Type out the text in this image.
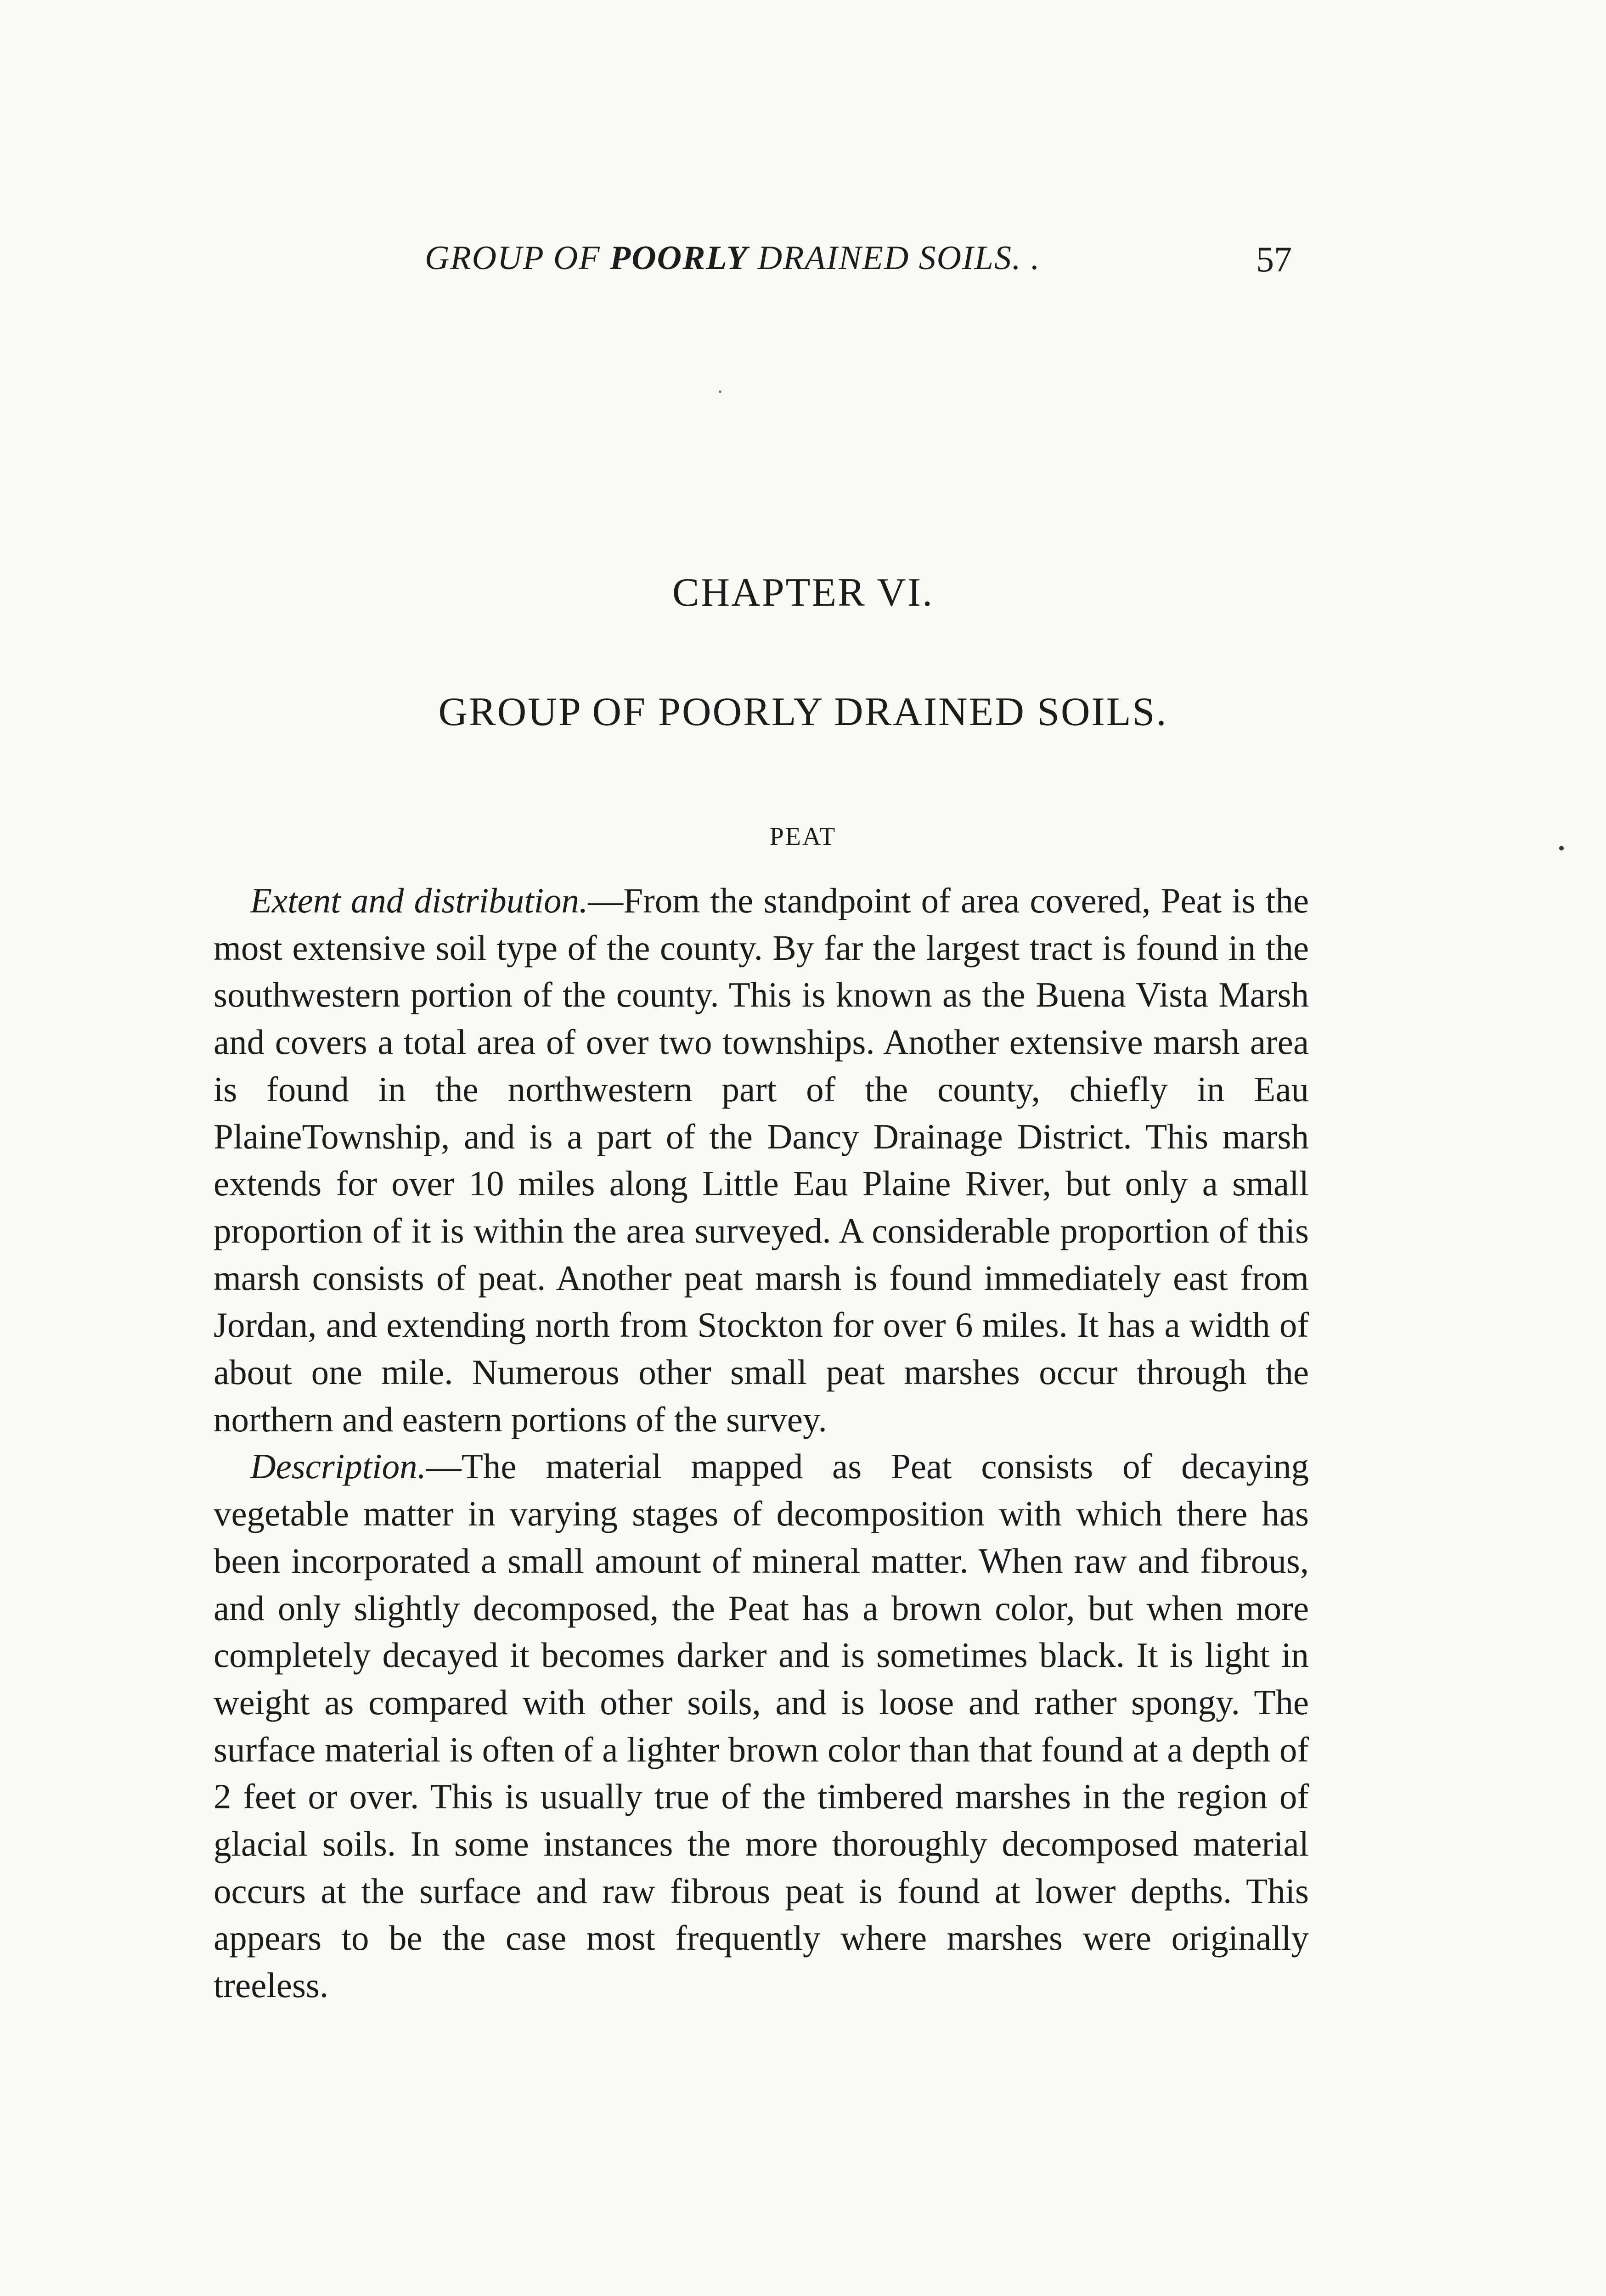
GROUP OF POORLY DRAINED SOILS. .	57
CHAPTER VI.
GROUP OF POORLY DRAINED SOILS.
PEAT

Extent and distribution.—From the standpoint of area covered, Peat is the most extensive soil type of the county. By far the largest tract is found in the southwestern portion of the county. This is known as the Buena Vista Marsh and covers a total area of over two townships. Another extensive marsh area is found in the northwestern part of the county, chiefly in Eau PlaineTownship, and is a part of the Dancy Drainage District. This marsh extends for over 10 miles along Little Eau Plaine River, but only a small proportion of it is within the area surveyed. A considerable proportion of this marsh consists of peat. Another peat marsh is found immediately east from Jordan, and extending north from Stockton for over 6 miles. It has a width of about one mile. Numerous other small peat marshes occur through the northern and eastern portions of the survey.

Description.—The material mapped as Peat consists of decaying vegetable matter in varying stages of decomposition with which there has been incorporated a small amount of mineral matter. When raw and fibrous, and only slightly decomposed, the Peat has a brown color, but when more completely decayed it becomes darker and is sometimes black. It is light in weight as compared with other soils, and is loose and rather spongy. The surface material is often of a lighter brown color than that found at a depth of 2 feet or over. This is usually true of the timbered marshes in the region of glacial soils. In some instances the more thoroughly decomposed material occurs at the surface and raw fibrous peat is found at lower depths. This appears to be the case most frequently where marshes were originally treeless.
